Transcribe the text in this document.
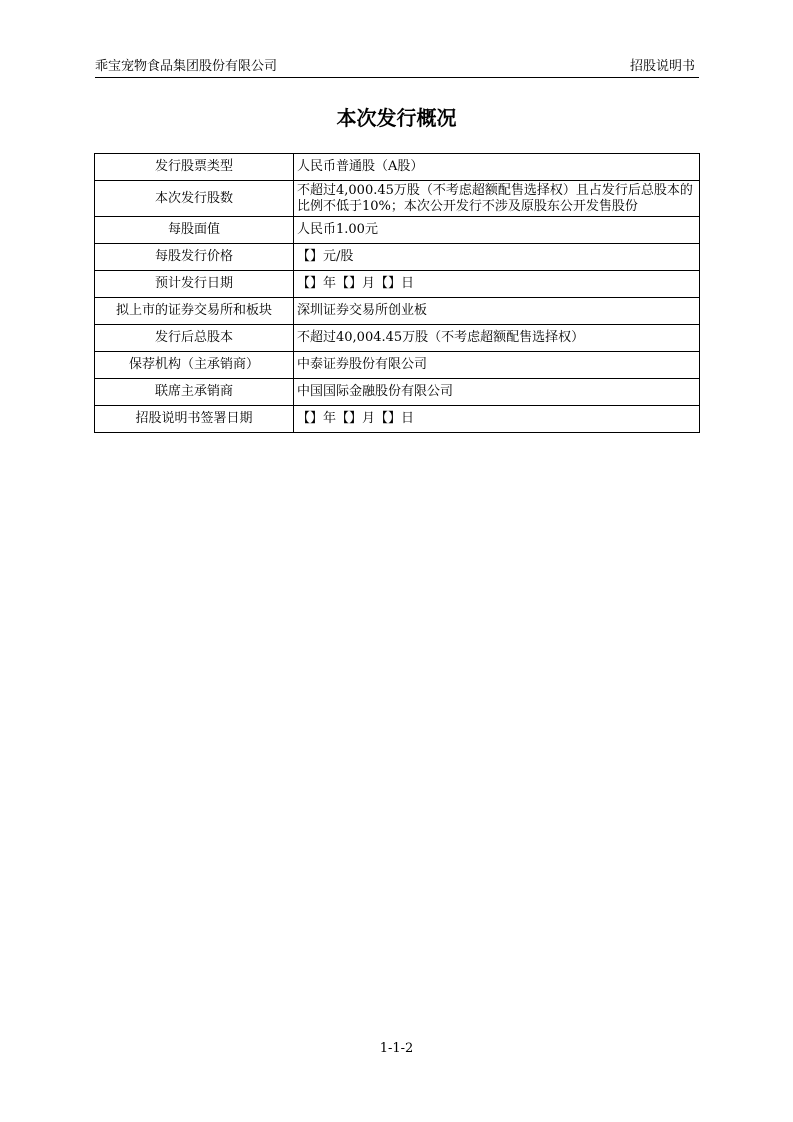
乖宝宠物食品集团股份有限公司	招股说明书
本次发行概况
发行股票类型	人民币普通股（A股）
本次发行股数	不超过4,000.45万股（不考虑超额配售选择权）且占发行后总股本的比例不低于10%；本次公开发行不涉及原股东公开发售股份
每股面值	人民币1.00元
每股发行价格	【】元/股
预计发行日期	【】年【】月【】日
拟上市的证券交易所和板块	深圳证券交易所创业板
发行后总股本	不超过40,004.45万股（不考虑超额配售选择权）
保荐机构（主承销商）	中泰证券股份有限公司
联席主承销商	中国国际金融股份有限公司
招股说明书签署日期	【】年【】月【】日
1-1-2
